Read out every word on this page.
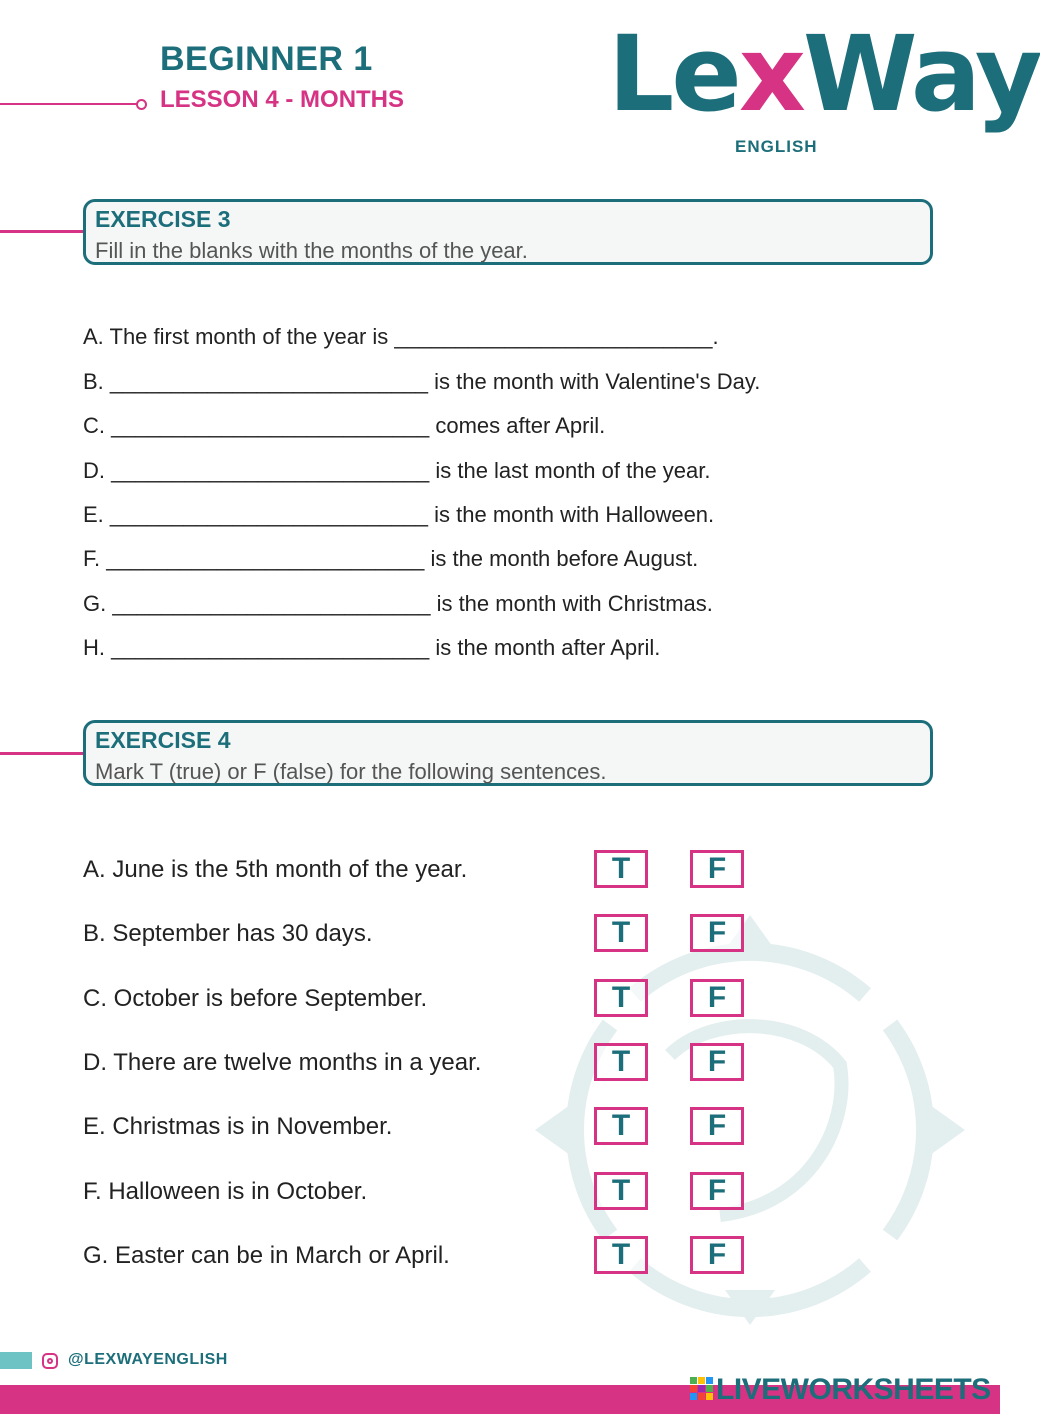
BEGINNER 1
LESSON 4 - MONTHS LexWay
ENGLISH
EXERCISE 3
Fill in the blanks with the months of the year.
A. The first month of the year is __________________________.
B. __________________________ is the month with Valentine's Day.
C. __________________________ comes after April.
D. __________________________ is the last month of the year.
E. __________________________ is the month with Halloween.
F. __________________________ is the month before August.
G. __________________________ is the month with Christmas.
H. __________________________ is the month after April.
EXERCISE 4
Mark T (true) or F (false) for the following sentences.
A. June is the 5th month of the year.	T	F
B. September has 30 days.	T	F
C. October is before September.	T	F
D. There are twelve months in a year.	T	F
E. Christmas is in November.	T	F
F. Halloween is in October.	T	F
G. Easter can be in March or April.	T	F
@LEXWAYENGLISH
LIVEWORKSHEETS
